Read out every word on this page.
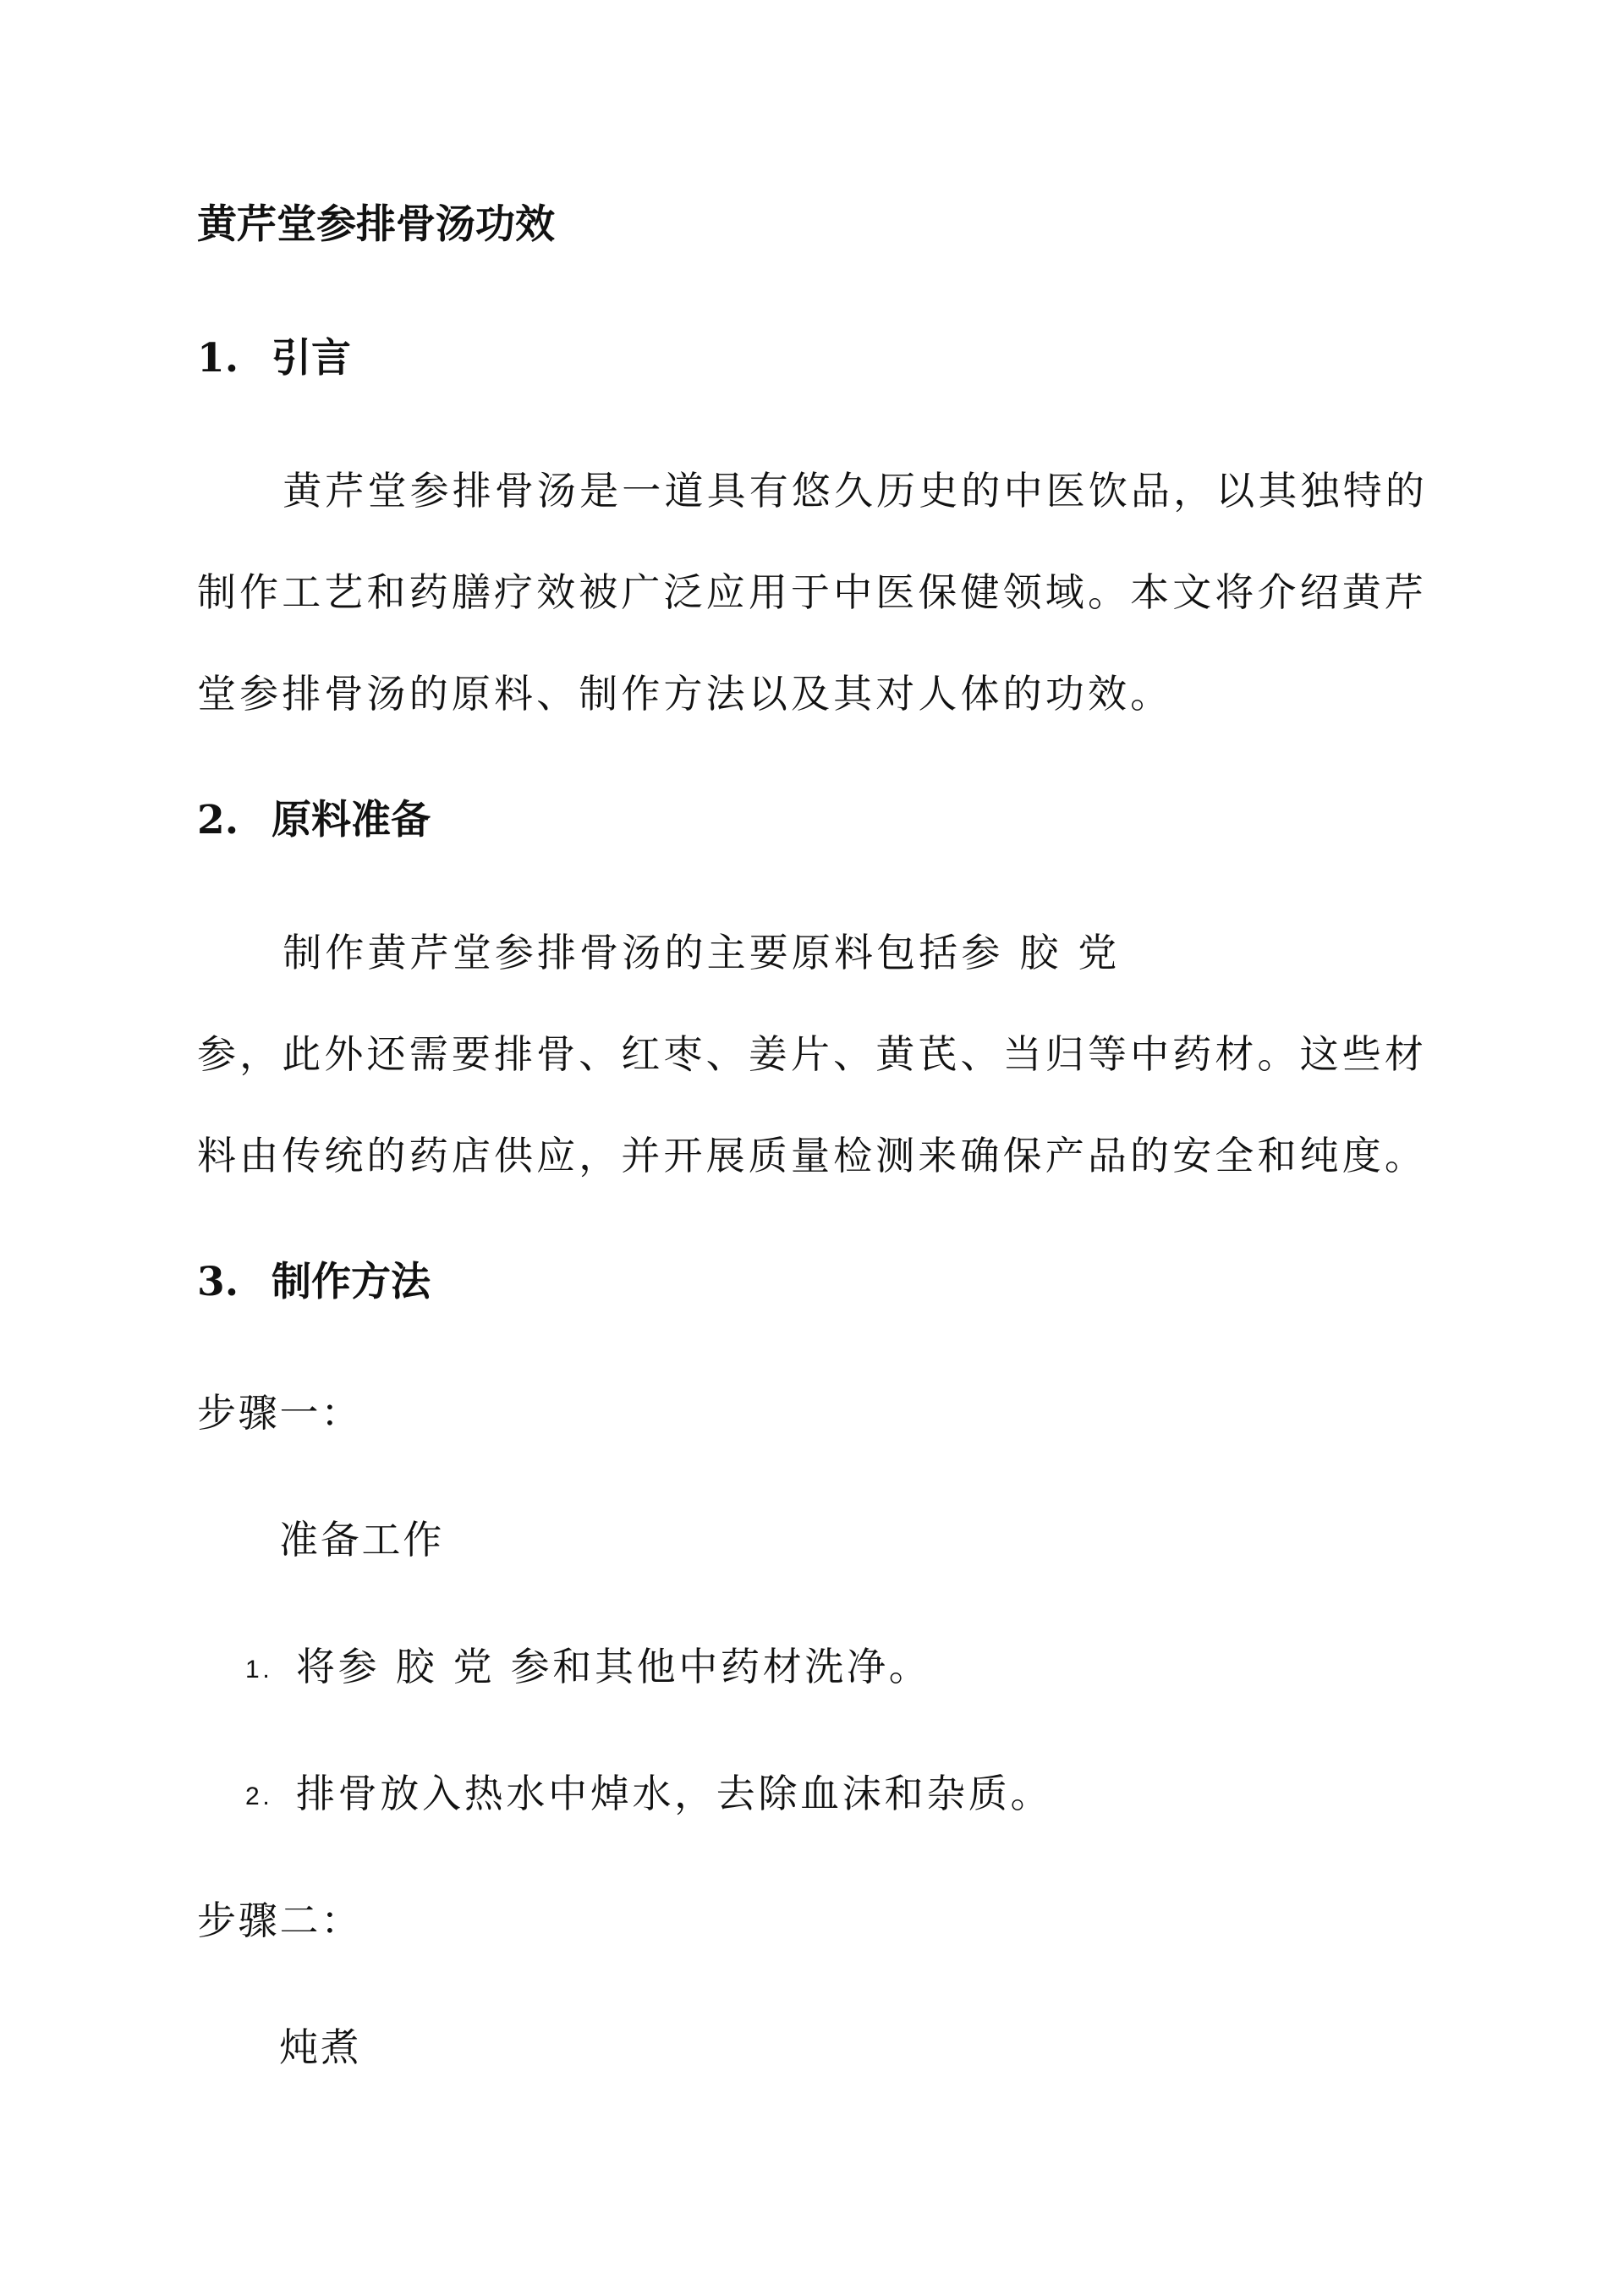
黄芹堂参排骨汤功效
1. 引言
黄芹堂参排骨汤是一道具有悠久历史的中医饮品，以其独特的
制作工艺和药膳疗效被广泛应用于中医保健领域。本文将介绍黄芹
堂参排骨汤的原料、制作方法以及其对人体的功效。
2. 原料准备
制作黄芹堂参排骨汤的主要原料包括参 胶 党
参，此外还需要排骨、红枣、姜片、黄芪、当归等中药材。这些材
料由传统的药店供应，并开展质量检测来确保产品的安全和纯度。
3. 制作方法
步骤一：
准备工作
1. 将参 胶 党 参和其他中药材洗净。
2. 排骨放入热水中焯水，去除血沫和杂质。
步骤二：
炖煮
